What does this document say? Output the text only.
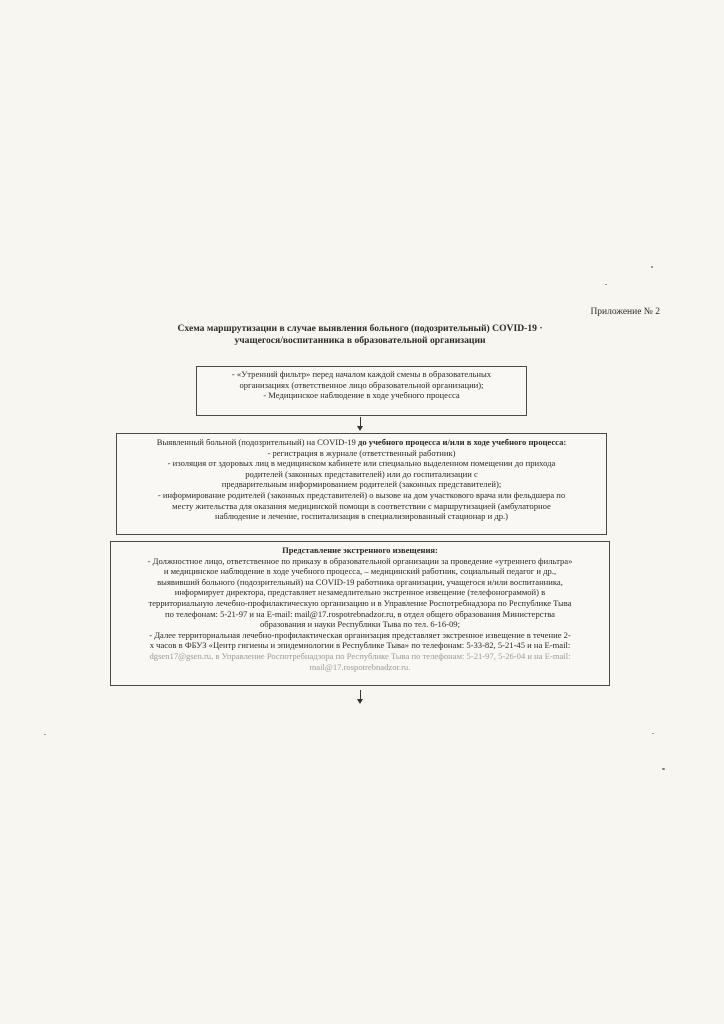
Приложение № 2
Схема маршрутизации в случае выявления больного (подозрительный) COVID-19 ·
учащегося/воспитанника в образовательной организации
- «Утренний фильтр» перед началом каждой смены в образовательных
организациях (ответственное лицо образовательной организации);
- Медицинское наблюдение в ходе учебного процесса
Выявленный больной (подозрительный) на COVID-19 до учебного процесса и/или в ходе учебного процесса:
- регистрация в журнале (ответственный работник)
- изоляция от здоровых лиц в медицинском кабинете или специально выделенном помещении до прихода
родителей (законных представителей) или до госпитализации с
предварительным информированием родителей (законных представителей);
- информирование родителей (законных представителей) о вызове на дом участкового врача или фельдшера по
месту жительства для оказания медицинской помощи в соответствии с маршрутизацией (амбулаторное
наблюдение и лечение, госпитализация в специализированный стационар и др.)
Представление экстренного извещения:
- Должностное лицо, ответственное по приказу в образовательной организации за проведение «утреннего фильтра»
и медицинское наблюдение в ходе учебного процесса, – медицинский работник, социальный педагог и др.,
выявивший больного (подозрительный) на COVID-19 работника организации, учащегося и/или воспитанника,
информирует директора, представляет незамедлительно экстренное извещение (телефонограммой) в
территориальную лечебно-профилактическую организацию и в Управление Роспотребнадзора по Республике Тыва
по телефонам: 5-21-97 и на E-mail: mail@17.rospotrebnadzor.ru, в отдел общего образования Министерства
образования и науки Республики Тыва по тел. 6-16-09;
- Далее территориальная лечебно-профилактическая организация представляет экстренное извещение в течение 2-
х часов в ФБУЗ «Центр гигиены и эпидемиологии в Республике Тыва» по телефонам: 5-33-82, 5-21-45 и на E-mail:
dgsen17@gsen.ru, в Управление Роспотребнадзора по Республике Тыва по телефонам: 5-21-97, 5-26-04 и на E-mail:
mail@17.rospotrebnadzor.ru.
